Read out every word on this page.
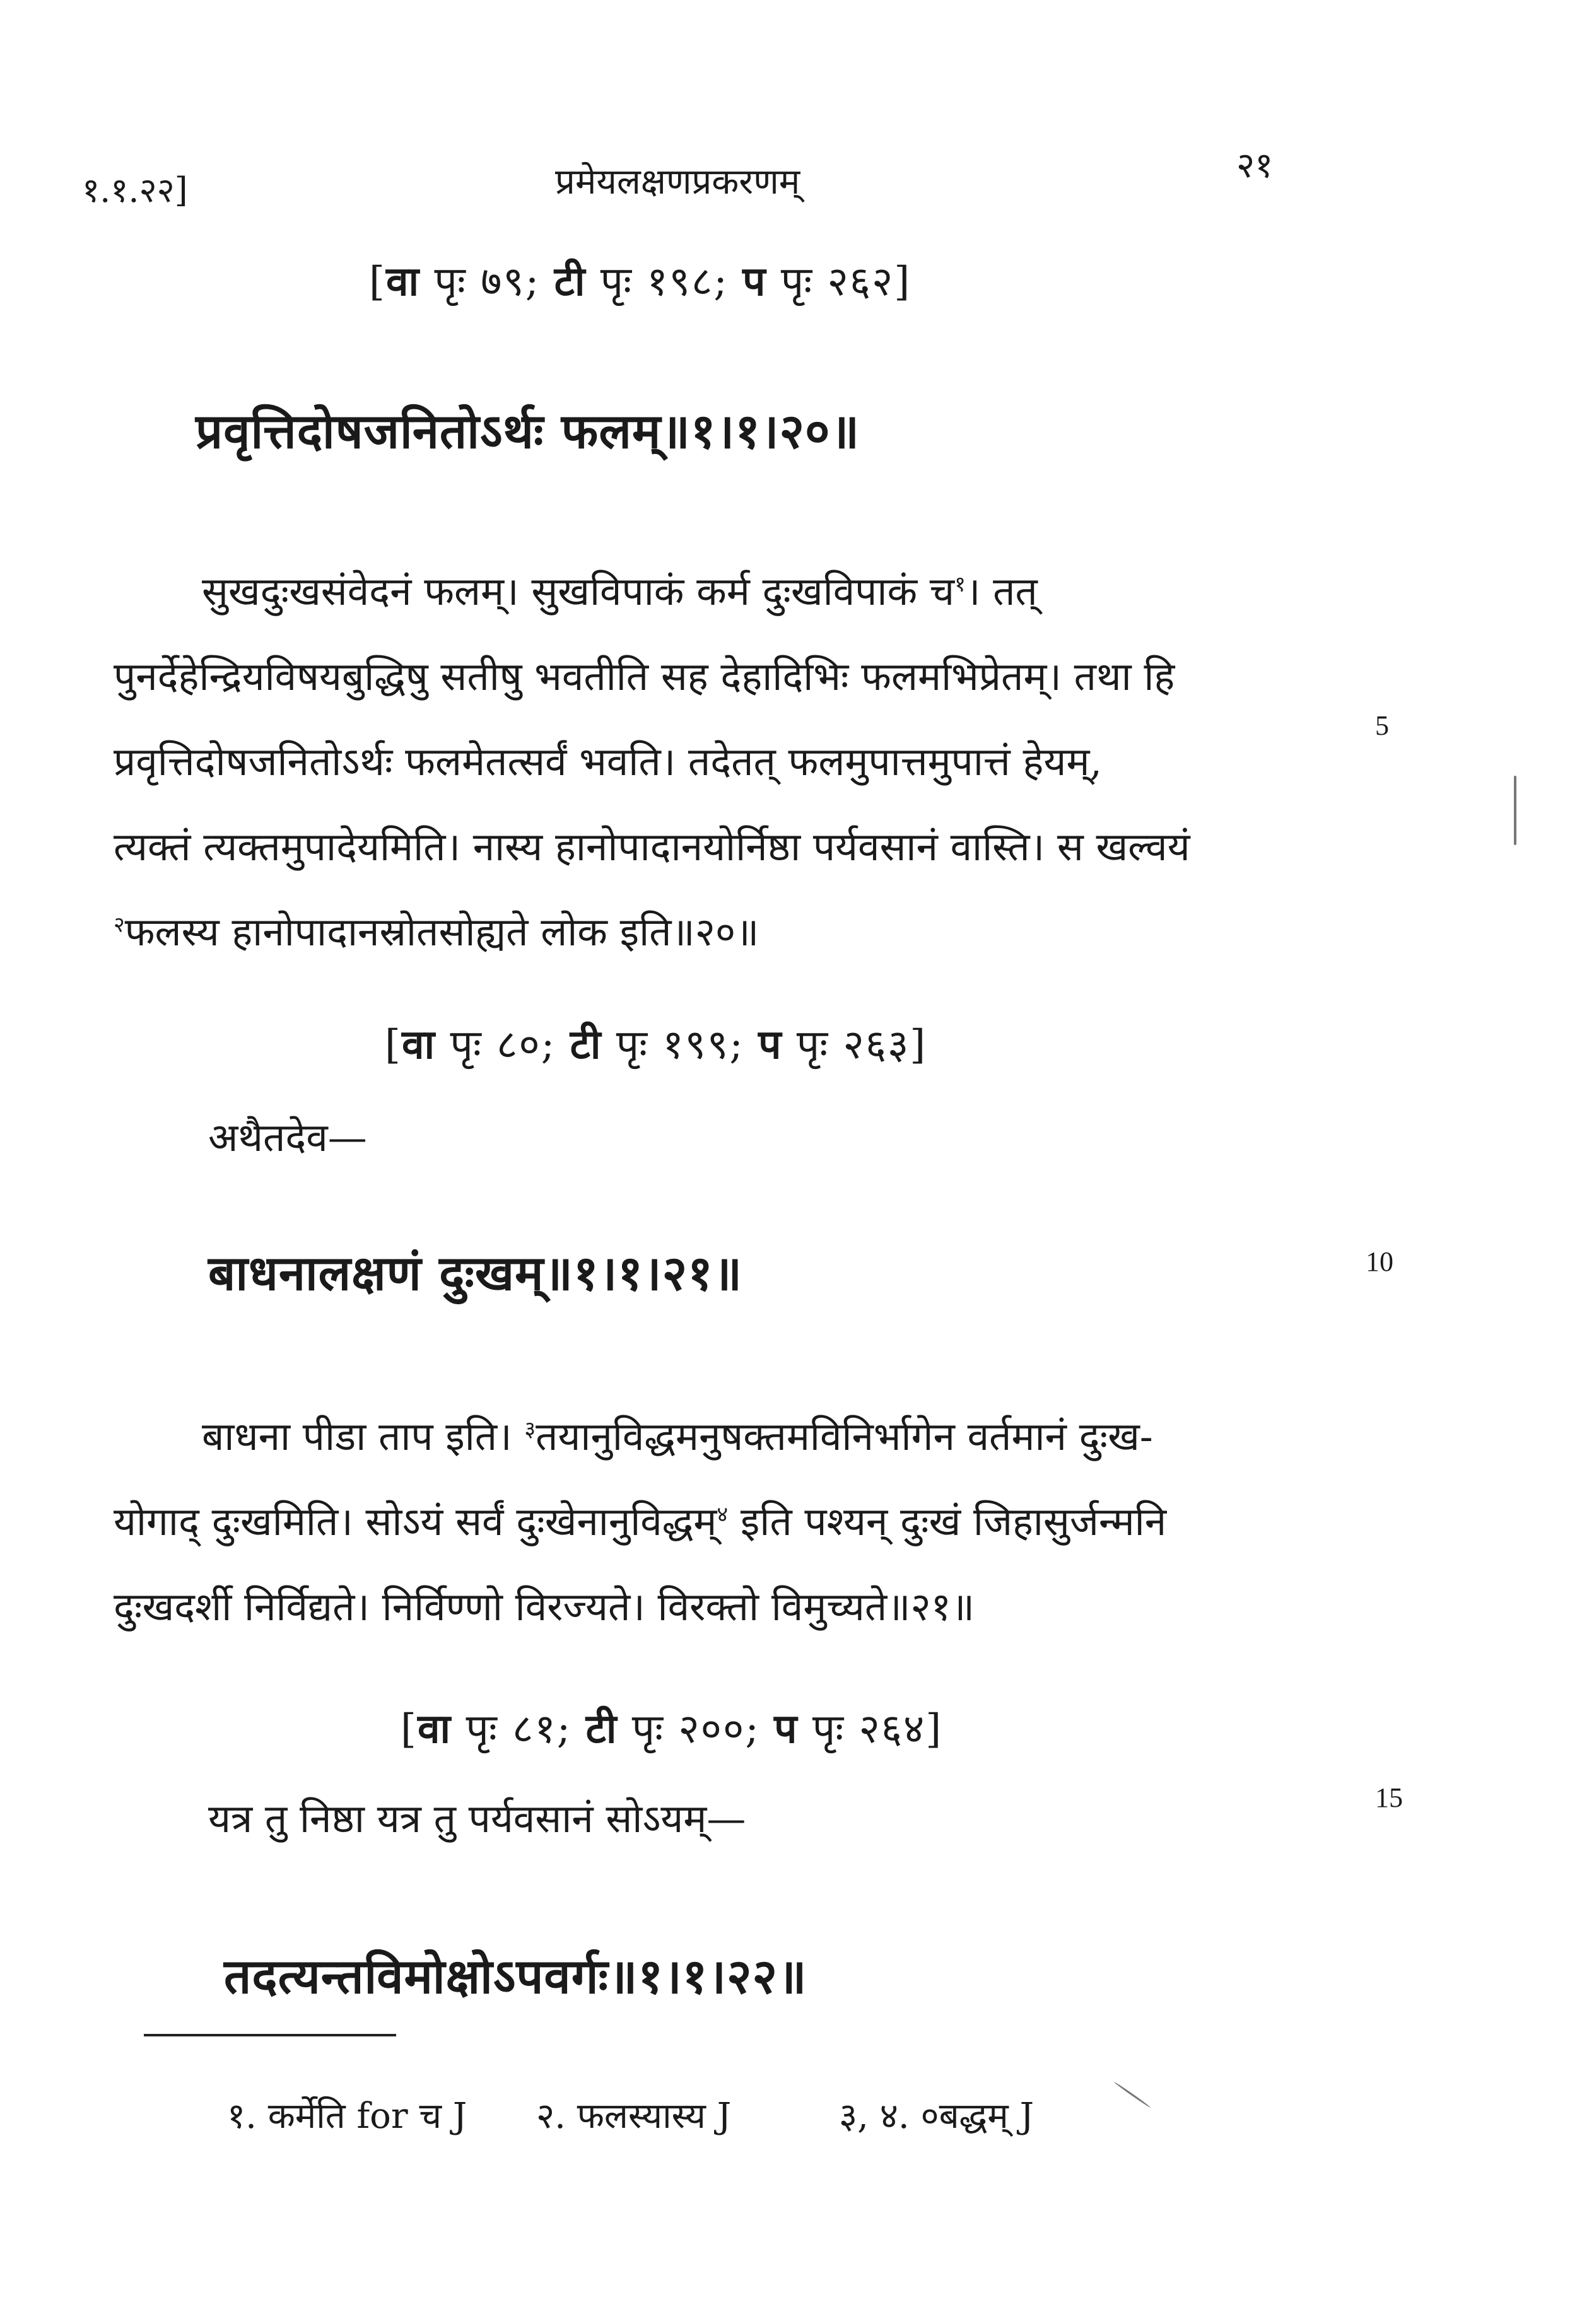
१.१.२२]	प्रमेयलक्षणप्रकरणम्	२१
[वा पृः ७९; टी पृः १९८; प पृः २६२]
प्रवृत्तिदोषजनितोऽर्थः फलम्॥१।१।२०॥
सुखदुःखसंवेदनं फलम्। सुखविपाकं कर्म दुःखविपाकं च$^१$। तत्
पुनर्देहेन्द्रियविषयबुद्धिषु सतीषु भवतीति सह देहादिभिः फलमभिप्रेतम्। तथा हि
प्रवृत्तिदोषजनितोऽर्थः फलमेतत्सर्वं भवति। तदेतत् फलमुपात्तमुपात्तं हेयम्,
त्यक्तं त्यक्तमुपादेयमिति। नास्य हानोपादानयोर्निष्ठा पर्यवसानं वास्ति। स खल्वयं
$^२$फलस्य हानोपादानस्रोतसोह्यते लोक इति॥२०॥
5
[वा पृः ८०; टी पृः १९९; प पृः २६३]
अथैतदेव—
बाधनालक्षणं दुःखम्॥१।१।२१॥	10
बाधना पीडा ताप इति। $^३$तयानुविद्धमनुषक्तमविनिर्भागेन वर्तमानं दुःख-
योगाद् दुःखमिति। सोऽयं सर्वं दुःखेनानुविद्धम्$^४$ इति पश्यन् दुःखं जिहासुर्जन्मनि
दुःखदर्शी निर्विद्यते। निर्विण्णो विरज्यते। विरक्तो विमुच्यते॥२१॥
[वा पृः ८१; टी पृः २००; प पृः २६४]
यत्र तु निष्ठा यत्र तु पर्यवसानं सोऽयम्—	15
तदत्यन्तविमोक्षोऽपवर्गः॥१।१।२२॥
१. कर्मेति for च J २. फलस्यास्य J	३, ४. ०बद्धम् J
